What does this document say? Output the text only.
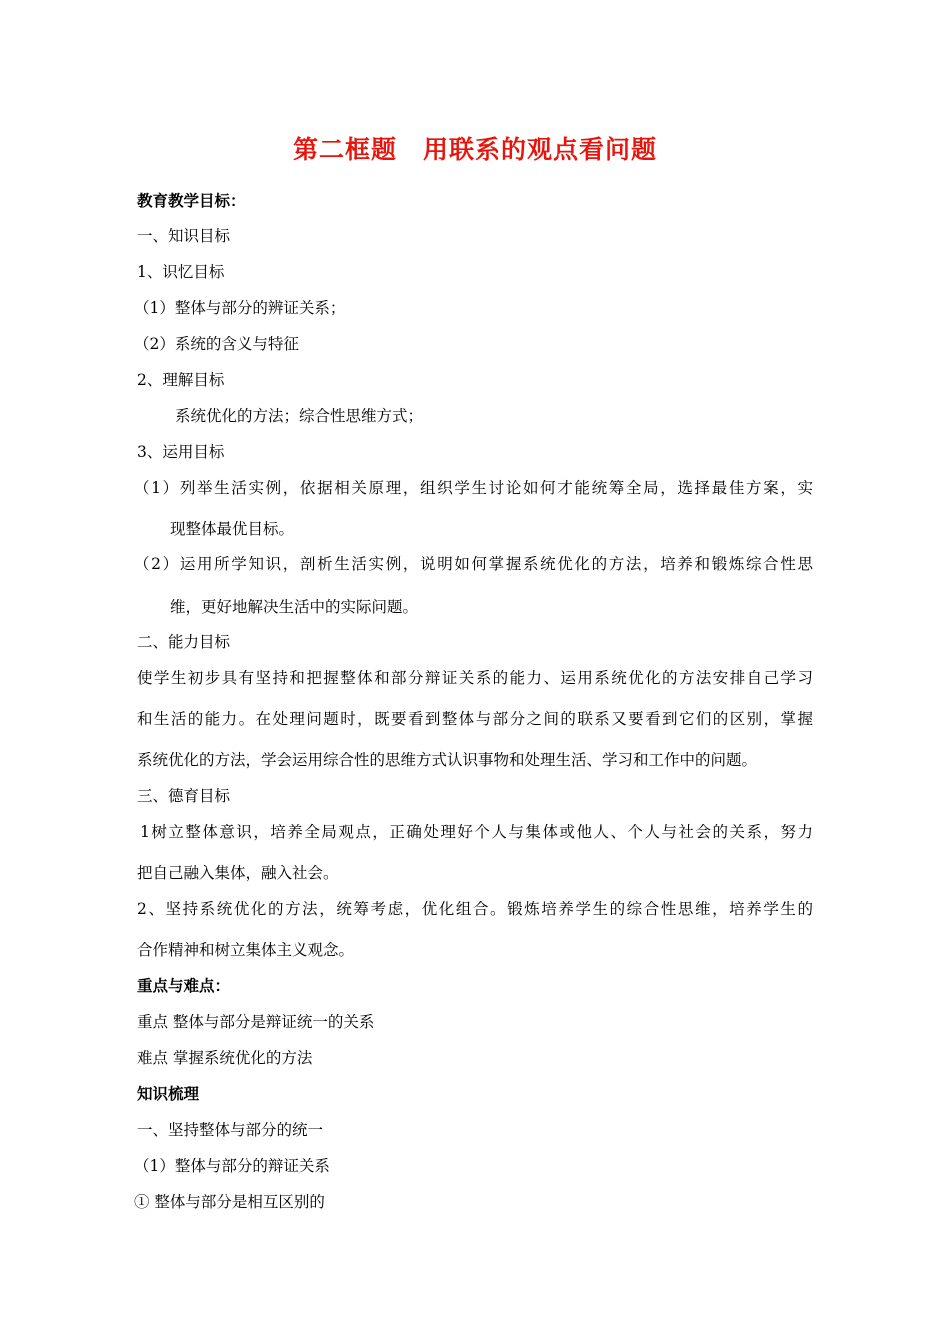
第二框题　用联系的观点看问题
教育教学目标：
一、知识目标
1、识忆目标
（1）整体与部分的辨证关系；
（2）系统的含义与特征
2、理解目标
系统优化的方法；综合性思维方式；
3、运用目标
（1）列举生活实例，依据相关原理，组织学生讨论如何才能统筹全局，选择最佳方案，实
现整体最优目标。
（2）运用所学知识，剖析生活实例，说明如何掌握系统优化的方法，培养和锻炼综合性思
维，更好地解决生活中的实际问题。
二、能力目标
使学生初步具有坚持和把握整体和部分辩证关系的能力、运用系统优化的方法安排自己学习
和生活的能力。在处理问题时，既要看到整体与部分之间的联系又要看到它们的区别，掌握
系统优化的方法，学会运用综合性的思维方式认识事物和处理生活、学习和工作中的问题。
三、德育目标
1树立整体意识，培养全局观点，正确处理好个人与集体或他人、个人与社会的关系，努力
把自己融入集体，融入社会。
2、坚持系统优化的方法，统筹考虑，优化组合。锻炼培养学生的综合性思维，培养学生的
合作精神和树立集体主义观念。
重点与难点：
重点 整体与部分是辩证统一的关系
难点 掌握系统优化的方法
知识梳理
一、坚持整体与部分的统一
（1）整体与部分的辩证关系
① 整体与部分是相互区别的
